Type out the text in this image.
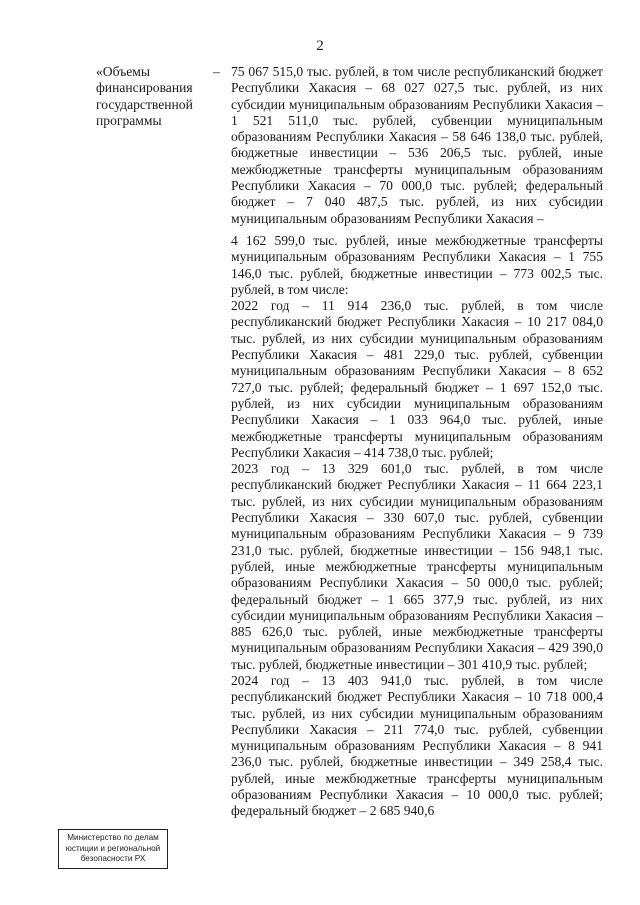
2
«Объемы
финансирования
государственной
программы
– 75 067 515,0 тыс. рублей, в том числе республиканский бюджет Республики Хакасия – 68 027 027,5 тыс. рублей, из них субсидии муниципальным образованиям Республики Хакасия – 1 521 511,0 тыс. рублей, субвенции муниципальным образованиям Республики Хакасия – 58 646 138,0 тыс. рублей, бюджетные инвестиции – 536 206,5 тыс. рублей, иные межбюджетные трансферты муниципальным образованиям Республики Хакасия – 70 000,0 тыс. рублей; федеральный бюджет – 7 040 487,5 тыс. рублей, из них субсидии муниципальным образованиям Республики Хакасия –

4 162 599,0 тыс. рублей, иные межбюджетные трансферты муниципальным образованиям Республики Хакасия – 1 755 146,0 тыс. рублей, бюджетные инвестиции – 773 002,5 тыс. рублей, в том числе:

2022 год – 11 914 236,0 тыс. рублей, в том числе республиканский бюджет Республики Хакасия – 10 217 084,0 тыс. рублей, из них субсидии муниципальным образованиям Республики Хакасия – 481 229,0 тыс. рублей, субвенции муниципальным образованиям Республики Хакасия – 8 652 727,0 тыс. рублей; федеральный бюджет – 1 697 152,0 тыс. рублей, из них субсидии муниципальным образованиям Республики Хакасия – 1 033 964,0 тыс. рублей, иные межбюджетные трансферты муниципальным образованиям Республики Хакасия – 414 738,0 тыс. рублей;

2023 год – 13 329 601,0 тыс. рублей, в том числе республиканский бюджет Республики Хакасия – 11 664 223,1 тыс. рублей, из них субсидии муниципальным образованиям Республики Хакасия – 330 607,0 тыс. рублей, субвенции муниципальным образованиям Республики Хакасия – 9 739 231,0 тыс. рублей, бюджетные инвестиции – 156 948,1 тыс. рублей, иные межбюджетные трансферты муниципальным образованиям Республики Хакасия – 50 000,0 тыс. рублей; федеральный бюджет – 1 665 377,9 тыс. рублей, из них субсидии муниципальным образованиям Республики Хакасия – 885 626,0 тыс. рублей, иные межбюджетные трансферты муниципальным образованиям Республики Хакасия – 429 390,0 тыс. рублей, бюджетные инвестиции – 301 410,9 тыс. рублей;

2024 год – 13 403 941,0 тыс. рублей, в том числе республиканский бюджет Республики Хакасия – 10 718 000,4 тыс. рублей, из них субсидии муниципальным образованиям Республики Хакасия – 211 774,0 тыс. рублей, субвенции муниципальным образованиям Республики Хакасия – 8 941 236,0 тыс. рублей, бюджетные инвестиции – 349 258,4 тыс. рублей, иные межбюджетные трансферты муниципальным образованиям Республики Хакасия – 10 000,0 тыс. рублей; федеральный бюджет – 2 685 940,6

Министерство по делам
юстиции и региональной
безопасности РХ
